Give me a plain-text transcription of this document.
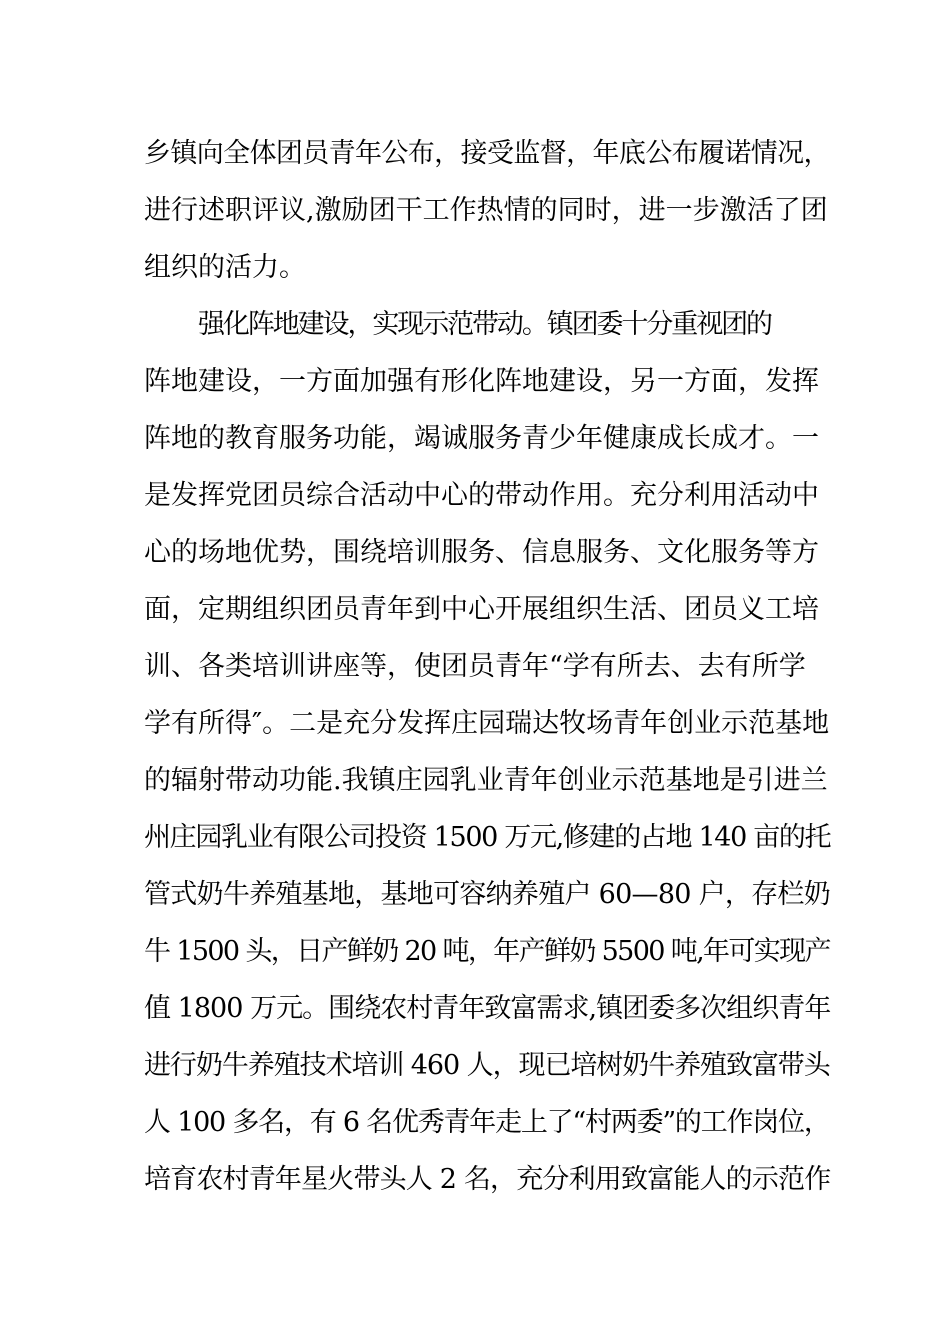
乡镇向全体团员青年公布，接受监督，年底公布履诺情况，
进行述职评议,激励团干工作热情的同时，进一步激活了团
组织的活力。
强化阵地建设，实现示范带动。镇团委十分重视团的
阵地建设，一方面加强有形化阵地建设，另一方面，发挥
阵地的教育服务功能，竭诚服务青少年健康成长成才。一
是发挥党团员综合活动中心的带动作用。充分利用活动中
心的场地优势，围绕培训服务、信息服务、文化服务等方
面，定期组织团员青年到中心开展组织生活、团员义工培
训、各类培训讲座等，使团员青年“学有所去、去有所学
学有所得″。二是充分发挥庄园瑞达牧场青年创业示范基地
的辐射带动功能.我镇庄园乳业青年创业示范基地是引进兰
州庄园乳业有限公司投资 1500 万元,修建的占地 140 亩的托
管式奶牛养殖基地，基地可容纳养殖户 60—80 户，存栏奶
牛 1500 头，日产鲜奶 20 吨，年产鲜奶 5500 吨,年可实现产
值 1800 万元。围绕农村青年致富需求,镇团委多次组织青年
进行奶牛养殖技术培训 460 人，现已培树奶牛养殖致富带头
人 100 多名，有 6 名优秀青年走上了“村两委”的工作岗位，
培育农村青年星火带头人 2 名，充分利用致富能人的示范作
